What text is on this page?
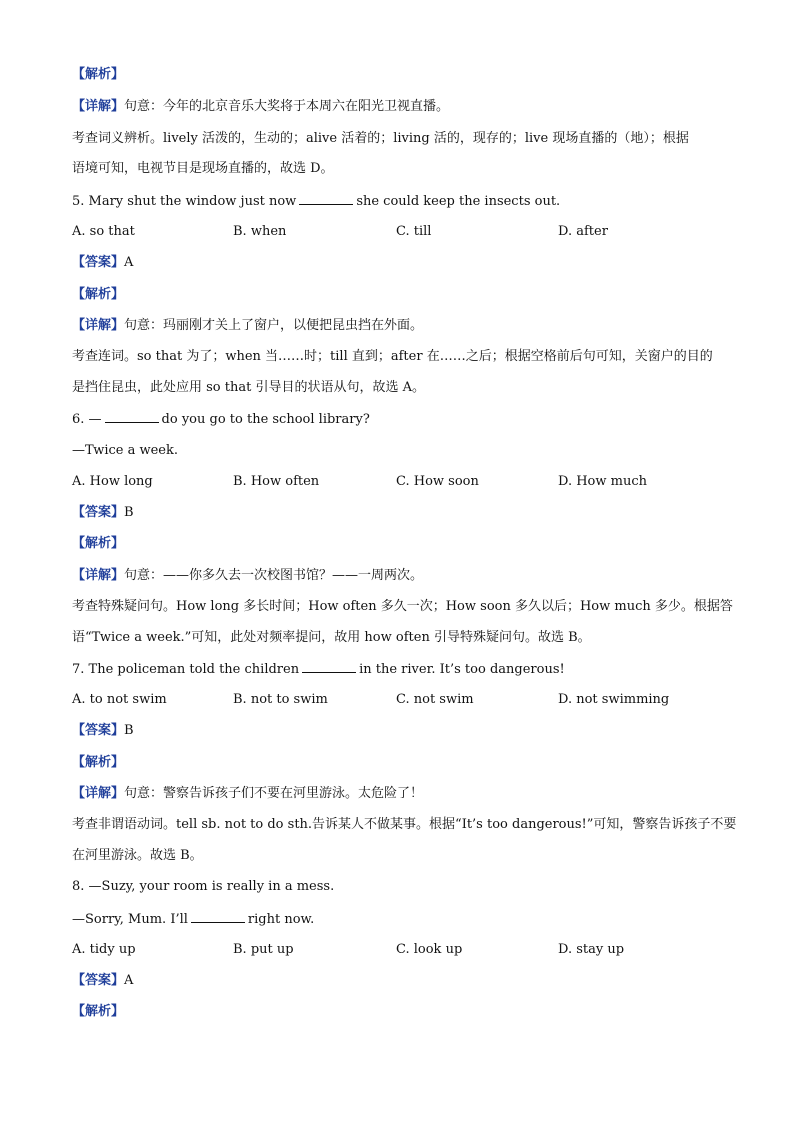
【解析】
【详解】句意：今年的北京音乐大奖将于本周六在阳光卫视直播。
考查词义辨析。lively 活泼的，生动的；alive 活着的；living 活的，现存的；live 现场直播的（地）；根据
语境可知，电视节目是现场直播的，故选 D。
5. Mary shut the window just now	she could keep the insects out.
A. so that	B. when	C. till	D. after
【答案】A
【解析】
【详解】句意：玛丽刚才关上了窗户，以便把昆虫挡在外面。
考查连词。so that 为了；when 当……时；till 直到；after 在……之后；根据空格前后句可知，关窗户的目的
是挡住昆虫，此处应用 so that 引导目的状语从句，故选 A。
6. —	do you go to the school library?
—Twice a week.
A. How long	B. How often	C. How soon	D. How much
【答案】B
【解析】
【详解】句意：——你多久去一次校图书馆？——一周两次。
考查特殊疑问句。How long 多长时间；How often 多久一次；How soon 多久以后；How much 多少。根据答
语“Twice a week.”可知，此处对频率提问，故用 how often 引导特殊疑问句。故选 B。
7. The policeman told the children	in the river. It’s too dangerous!
A. to not swim	B. not to swim	C. not swim	D. not swimming
【答案】B
【解析】
【详解】句意：警察告诉孩子们不要在河里游泳。太危险了！
考查非谓语动词。tell sb. not to do sth.告诉某人不做某事。根据“It’s too dangerous!”可知，警察告诉孩子不要
在河里游泳。故选 B。
8. —Suzy, your room is really in a mess.
—Sorry, Mum. I’ll	right now.
A. tidy up	B. put up	C. look up	D. stay up
【答案】A
【解析】
